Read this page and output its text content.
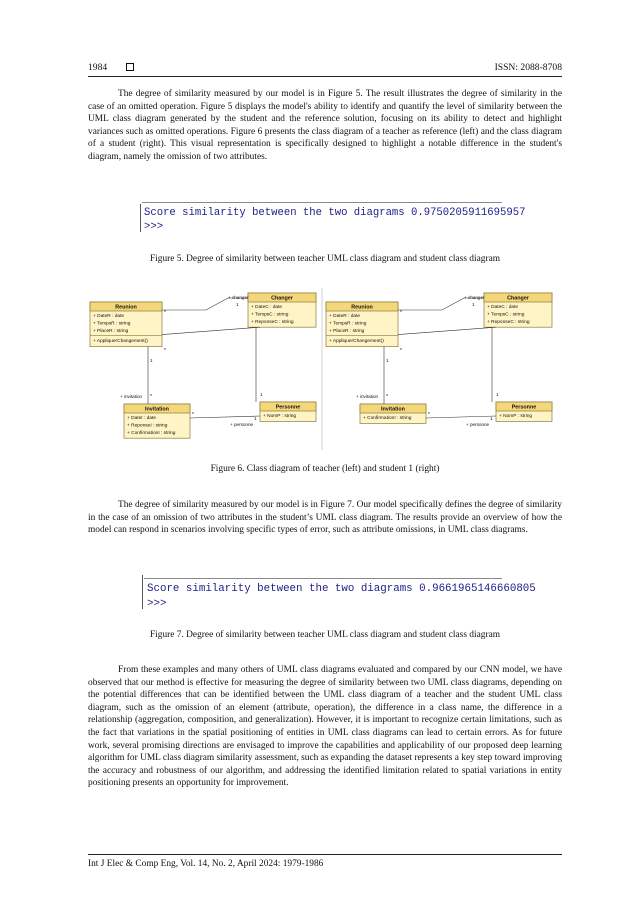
1984	ISSN: 2088-8708

The degree of similarity measured by our model is in Figure 5. The result illustrates the degree of similarity in the case of an omitted operation. Figure 5 displays the model's ability to identify and quantify the level of similarity between the UML class diagram generated by the student and the reference solution, focusing on its ability to detect and highlight variances such as omitted operations. Figure 6 presents the class diagram of a teacher as reference (left) and the class diagram of a student (right). This visual representation is specifically designed to highlight a notable difference in the student's diagram, namely the omission of two attributes.

Score similarity between the two diagrams 0.9750205911695957
>>>
Figure 5. Degree of similarity between teacher UML class diagram and student class diagram
Reunion
+ DateR : date
+ TempsR : string
+ PlaceR : string
+ AppliquerChangement()
Changer
+ DateC : date
+ TempsC : string
+ ReponseC : string
Invitation
+ DateI : date
+ ReponseI : string
+ ConfirmationI : string
Personne
+ NomP : string
+ changer
1
*
*
1
+ invitation *
*
+ personne
1
1
Reunion
+ DateR : date
+ TempsR : string
+ PlaceR : string
+ AppliquerChangement()
Changer
+ DateC : date
+ TempsC : string
+ ReponseC : string
Invitation
+ ConfirmationI : string
Personne
+ NomP : string
+ changer
1
*
*
1
+ invitation *
*
+ personne
1
1
Figure 6. Class diagram of teacher (left) and student 1 (right)

The degree of similarity measured by our model is in Figure 7. Our model specifically defines the degree of similarity in the case of an omission of two attributes in the student’s UML class diagram. The results provide an overview of how the model can respond in scenarios involving specific types of error, such as attribute omissions, in UML class diagrams.

Score similarity between the two diagrams 0.9661965146660805
>>>
Figure 7. Degree of similarity between teacher UML class diagram and student class diagram

From these examples and many others of UML class diagrams evaluated and compared by our CNN model, we have observed that our method is effective for measuring the degree of similarity between two UML class diagrams, depending on the potential differences that can be identified between the UML class diagram of a teacher and the student UML class diagram, such as the omission of an element (attribute, operation), the difference in a class name, the difference in a relationship (aggregation, composition, and generalization). However, it is important to recognize certain limitations, such as the fact that variations in the spatial positioning of entities in UML class diagrams can lead to certain errors. As for future work, several promising directions are envisaged to improve the capabilities and applicability of our proposed deep learning algorithm for UML class diagram similarity assessment, such as expanding the dataset represents a key step toward improving the accuracy and robustness of our algorithm, and addressing the identified limitation related to spatial variations in entity positioning presents an opportunity for improvement.

Int J Elec & Comp Eng, Vol. 14, No. 2, April 2024: 1979-1986
